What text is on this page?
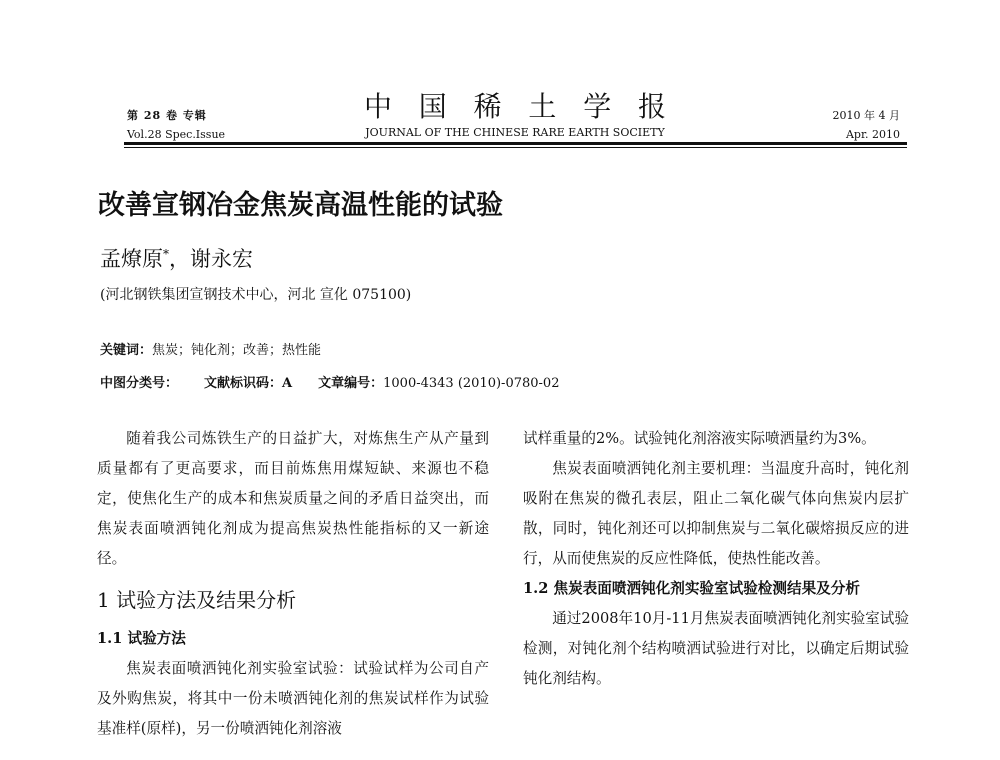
第 28 卷 专辑
Vol.28 Spec.Issue
中 国 稀 土 学 报
JOURNAL OF THE CHINESE RARE EARTH SOCIETY
2010 年 4 月
Apr. 2010
改善宣钢冶金焦炭高温性能的试验
孟燎原*，谢永宏
(河北钢铁集团宣钢技术中心，河北 宣化 075100)
关键词：焦炭；钝化剂；改善；热性能
中图分类号： 文献标识码：A 文章编号：1000-4343 (2010)-0780-02

随着我公司炼铁生产的日益扩大，对炼焦生产从产量到质量都有了更高要求，而目前炼焦用煤短缺、来源也不稳定，使焦化生产的成本和焦炭质量之间的矛盾日益突出，而焦炭表面喷洒钝化剂成为提高焦炭热性能指标的又一新途径。

1 试验方法及结果分析

1.1 试验方法

焦炭表面喷洒钝化剂实验室试验：试验试样为公司自产及外购焦炭，将其中一份未喷洒钝化剂的焦炭试样作为试验基准样(原样)，另一份喷洒钝化剂溶液

试样重量的2%。试验钝化剂溶液实际喷洒量约为3%。

焦炭表面喷洒钝化剂主要机理：当温度升高时，钝化剂吸附在焦炭的微孔表层，阻止二氧化碳气体向焦炭内层扩散，同时，钝化剂还可以抑制焦炭与二氧化碳熔损反应的进行，从而使焦炭的反应性降低，使热性能改善。

1.2 焦炭表面喷洒钝化剂实验室试验检测结果及分析

通过2008年10月-11月焦炭表面喷洒钝化剂实验室试验检测，对钝化剂个结构喷洒试验进行对比，以确定后期试验钝化剂结构。
